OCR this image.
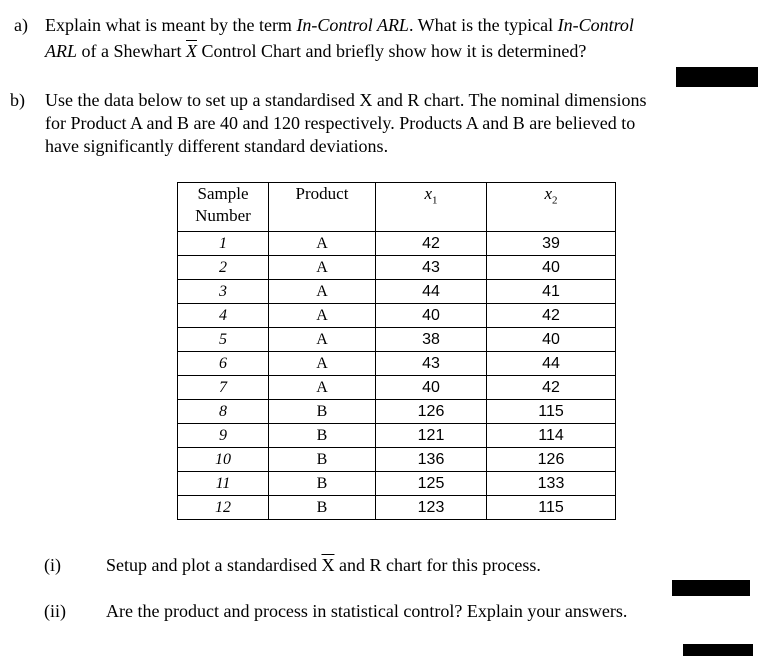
a) Explain what is meant by the term In-Control ARL. What is the typical In-Control
ARL of a Shewhart $\overline{X}$ Control Chart and briefly show how it is determined?
b) Use the data below to set up a standardised X and R chart. The nominal dimensions
for Product A and B are 40 and 120 respectively. Products A and B are believed to
have significantly different standard deviations.
Sample
Number	Product	$x_1$	$x_2$
1	A	42	39
2	A	43	40
3	A	44	41
4	A	40	42
5	A	38	40
6	A	43	44
7	A	40	42
8	B	126	115
9	B	121	114
10	B	136	126
11	B	125	133
12	B	123	115
(i)	Setup and plot a standardised $\overline{X}$ and R chart for this process.
(ii) Are the product and process in statistical control? Explain your answers.
